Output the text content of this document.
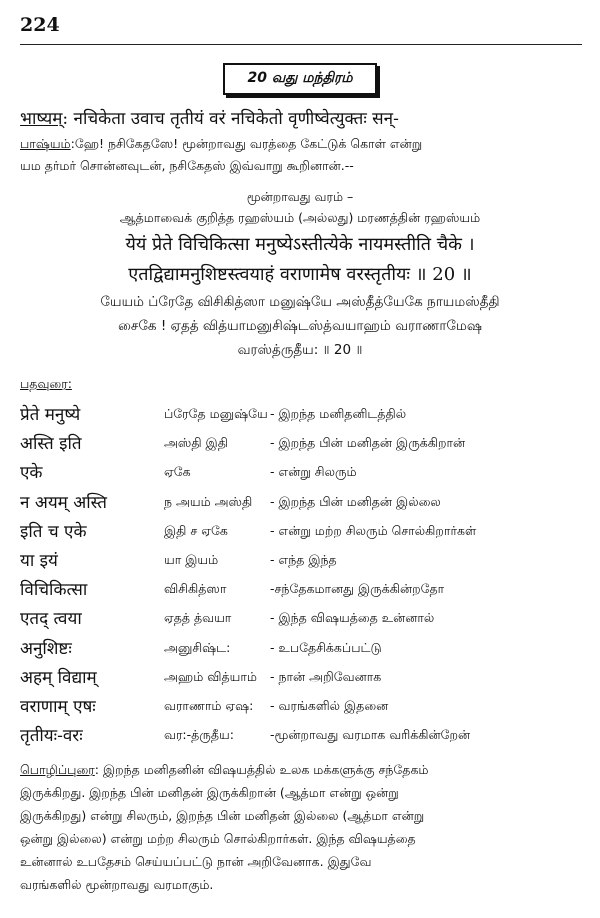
224
20 வது மந்திரம்
भाष्यम्: नचिकेता उवाच तृतीयं वरं नचिकेतो वृणीष्वेत्युक्तः सन्-
பாஷ்யம்:ஹே! நசிகேதஸே! மூன்றாவது வரத்தை கேட்டுக் கொள் என்று
யம தர்மர் சொன்னவுடன், நசிகேதஸ் இவ்வாறு கூறினான்.--
மூன்றாவது வரம் –
ஆத்மாவைக் குறித்த ரஹஸ்யம் (அல்லது) மரணத்தின் ரஹஸ்யம்
येयं प्रेते विचिकित्सा मनुष्येऽस्तीत्येके नायमस्तीति चैके ।
एतद्विद्यामनुशिष्टस्त्वयाहं वराणामेष वरस्तृतीयः ॥ 20 ॥
யேயம் ப்ரேதே விசிகித்ஸா மனுஷ்யே அஸ்தீத்யேகே நாயமஸ்தீதி
சைகே ! ஏதத் வித்யாமனுசிஷ்டஸ்த்வயாஹம் வராணாமேஷ
வரஸ்த்ருதீய: ॥ 20 ॥
பதவுரை:
प्रेते मनुष्ये	ப்ரேதே மனுஷ்யே - இறந்த மனிதனிடத்தில்
अस्ति इति	அஸ்தி இதி	- இறந்த பின் மனிதன் இருக்கிறான்
एके	ஏகே	- என்று சிலரும்
न अयम् अस्ति	ந அயம் அஸ்தி - இறந்த பின் மனிதன் இல்லை
इति च एके	இதி ச ஏகே	- என்று மற்ற சிலரும் சொல்கிறார்கள்
या इयं	யா இயம்	- எந்த இந்த
विचिकित्सा	விசிகித்ஸா	-சந்தேகமானது இருக்கின்றதோ
एतद् त्वया	ஏதத் த்வயா	- இந்த விஷயத்தை உன்னால்
अनुशिष्टः	அனுசிஷ்ட:	- உபதேசிக்கப்பட்டு
अहम् विद्याम्	அஹம் வித்யாம் - நான் அறிவேனாக
वराणाम् एषः	வராணாம் ஏஷ: - வரங்களில் இதனை
तृतीयः-वरः	வர:-த்ருதீய:	-மூன்றாவது வரமாக வரிக்கின்றேன்
பொழிப்புரை: இறந்த மனிதனின் விஷயத்தில் உலக மக்களுக்கு சந்தேகம்
இருக்கிறது. இறந்த பின் மனிதன் இருக்கிறான் (ஆத்மா என்று ஒன்று
இருக்கிறது) என்று சிலரும், இறந்த பின் மனிதன் இல்லை (ஆத்மா என்று
ஒன்று இல்லை) என்று மற்ற சிலரும் சொல்கிறார்கள். இந்த விஷயத்தை
உன்னால் உபதேசம் செய்யப்பட்டு நான் அறிவேனாக. இதுவே
வரங்களில் மூன்றாவது வரமாகும்.
